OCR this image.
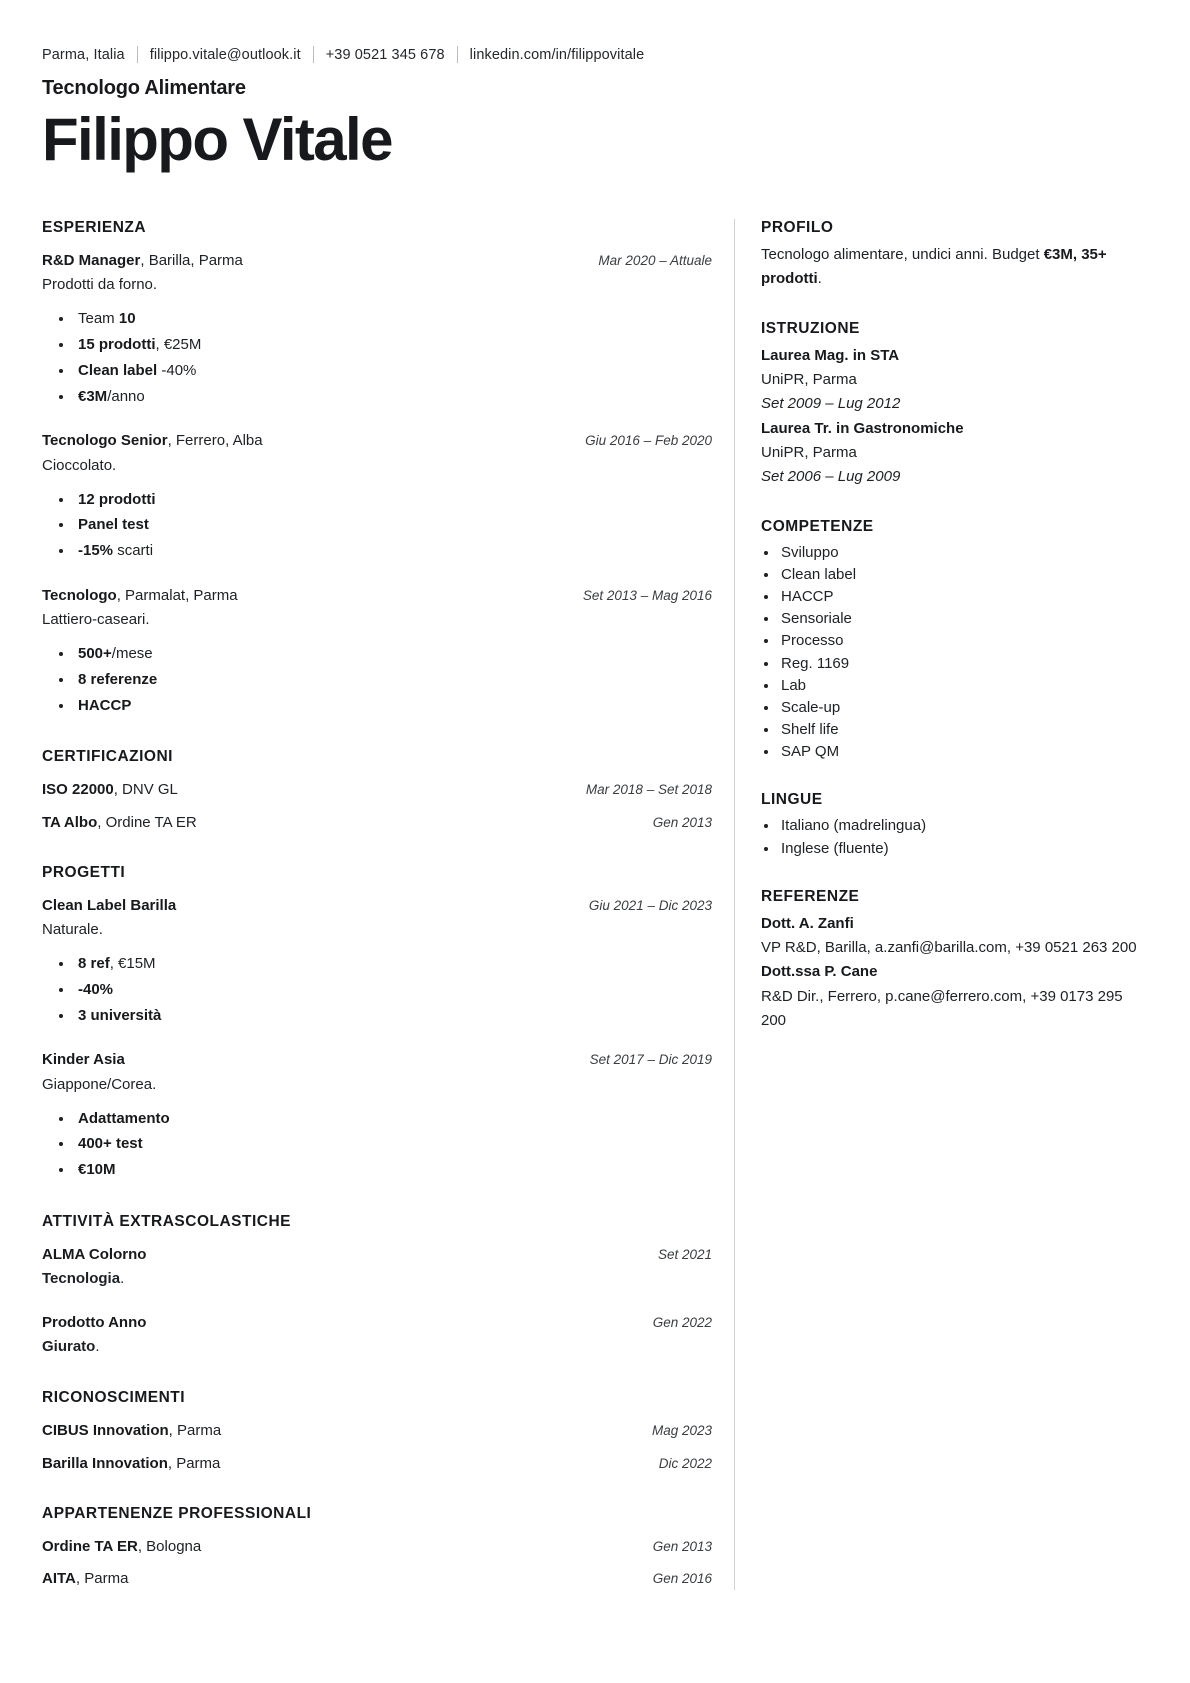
Parma, Italia filippo.vitale@outlook.it +39 0521 345 678 linkedin.com/in/filippovitale
Tecnologo Alimentare
Filippo Vitale
ESPERIENZA
R&D Manager, Barilla, Parma	Mar 2020 – Attuale
Prodotti da forno.
• Team 10
• 15 prodotti, €25M
• Clean label -40%
• €3M/anno
Tecnologo Senior, Ferrero, Alba	Giu 2016 – Feb 2020
Cioccolato.
• 12 prodotti
• Panel test
• -15% scarti
Tecnologo, Parmalat, Parma	Set 2013 – Mag 2016
Lattiero-caseari.
• 500+/mese
• 8 referenze
• HACCP
CERTIFICAZIONI
ISO 22000, DNV GL	Mar 2018 – Set 2018
TA Albo, Ordine TA ER	Gen 2013
PROGETTI
Clean Label Barilla	Giu 2021 – Dic 2023
Naturale.
• 8 ref, €15M
• -40%
• 3 università
Kinder Asia	Set 2017 – Dic 2019
Giappone/Corea.
• Adattamento
• 400+ test
• €10M
ATTIVITÀ EXTRASCOLASTICHE
ALMA Colorno	Set 2021
Tecnologia.
Prodotto Anno	Gen 2022
Giurato.
RICONOSCIMENTI
CIBUS Innovation, Parma	Mag 2023
Barilla Innovation, Parma	Dic 2022
APPARTENENZE PROFESSIONALI
Ordine TA ER, Bologna	Gen 2013
AITA, Parma	Gen 2016
PROFILO
Tecnologo alimentare, undici anni. Budget €3M, 35+ prodotti.
ISTRUZIONE
Laurea Mag. in STA
UniPR, Parma
Set 2009 – Lug 2012
Laurea Tr. in Gastronomiche
UniPR, Parma
Set 2006 – Lug 2009
COMPETENZE
• Sviluppo
• Clean label
• HACCP
• Sensoriale
• Processo
• Reg. 1169
• Lab
• Scale-up
• Shelf life
• SAP QM
LINGUE
• Italiano (madrelingua)
• Inglese (fluente)
REFERENZE
Dott. A. Zanfi
VP R&D, Barilla, a.zanfi@barilla.com, +39 0521 263 200
Dott.ssa P. Cane
R&D Dir., Ferrero, p.cane@ferrero.com, +39 0173 295 200
